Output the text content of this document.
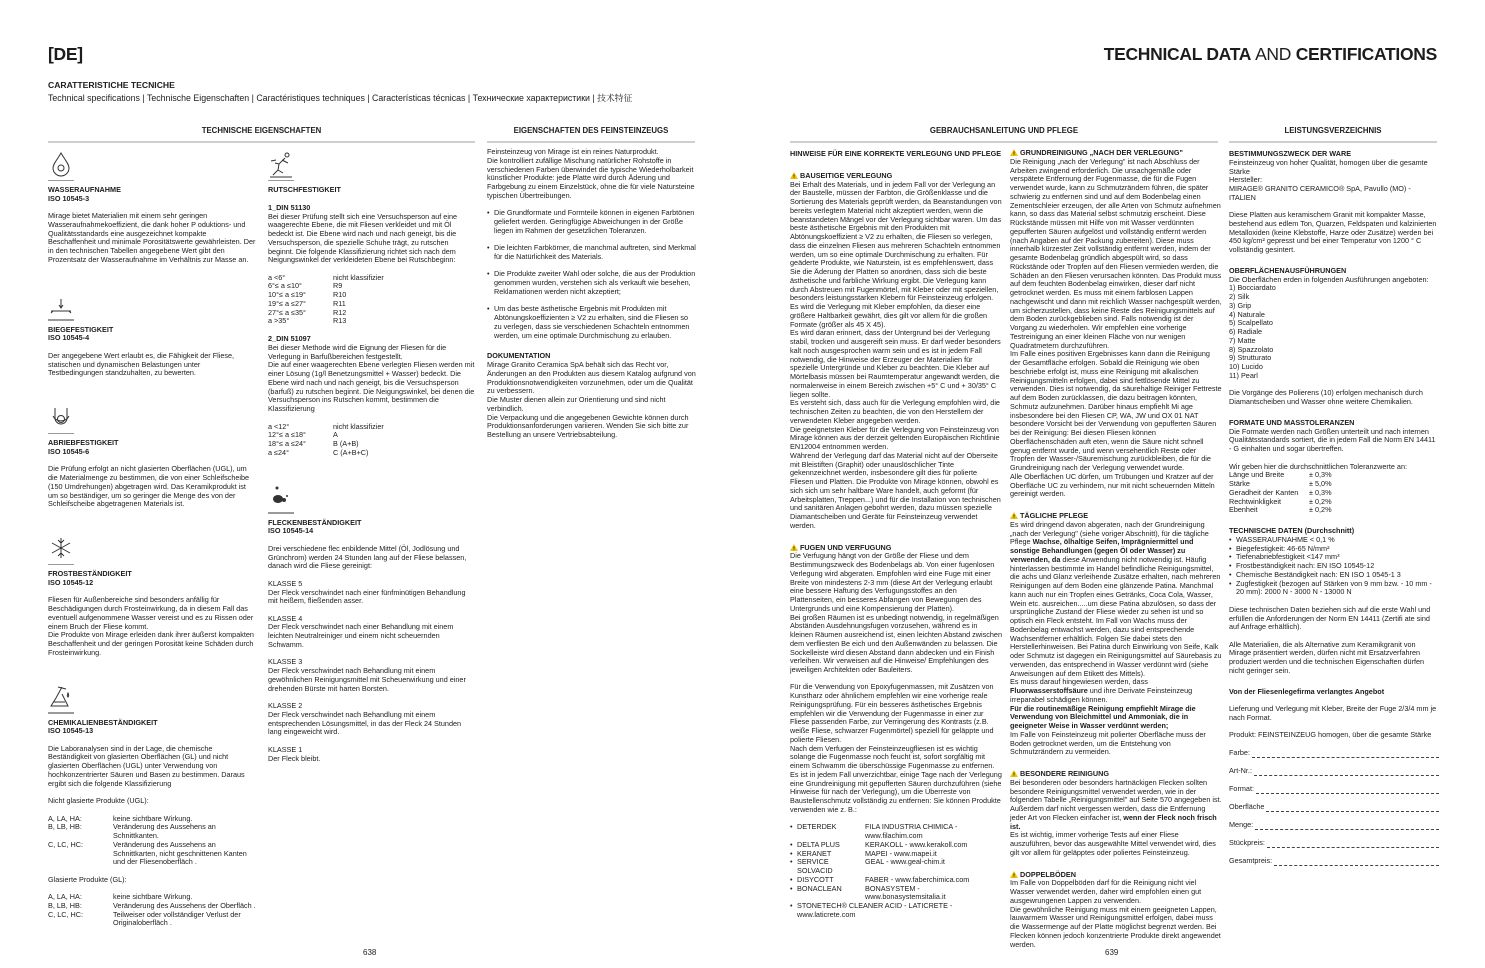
[DE]
CARATTERISTICHE TECNICHE
Technical specifications | Technische Eigenschaften | Caractéristiques techniques | Características técnicas | Технические характеристики | 技术特征
TECHNISCHE EIGENSCHAFTEN	EIGENSCHAFTEN DES FEINSTEINZEUGS
WASSERAUFNAHME
ISO 10545-3
Mirage bietet Materialien mit einem sehr geringen Wasseraufnahmekoeffizient, die dank hoher P oduktions- und Qualitätsstandards eine ausgezeichnet kompakte Beschaffenheit und minimale Porositätswerte gewährleisten. Der in den technischen Tabellen angegebene Wert gibt den Prozentsatz der Wasseraufnahme im Verhältnis zur Masse an.
BIEGEFESTIGKEIT
ISO 10545-4
Der angegebene Wert erlaubt es, die Fähigkeit der Fliese, statischen und dynamischen Belastungen unter Testbedingungen standzuhalten, zu bewerten.
ABRIEBFESTIGKEIT
ISO 10545-6
Die Prüfung erfolgt an nicht glasierten Oberflächen (UGL), um die Materialmenge zu bestimmen, die von einer Schleifscheibe (150 Umdrehungen) abgetragen wird. Das Keramikprodukt ist um so beständiger, um so geringer die Menge des von der Schleifscheibe abgetragenen Materials ist.
FROSTBESTÄNDIGKEIT
ISO 10545-12
Fliesen für Außenbereiche sind besonders anfällig für Beschädigungen durch Frosteinwirkung, da in diesem Fall das eventuell aufgenommene Wasser vereist und es zu Rissen oder einem Bruch der Fliese kommt.
Die Produkte von Mirage erleiden dank ihrer äußerst kompakten Beschaffenheit und der geringen Porosität keine Schäden durch Frosteinwirkung.
CHEMIKALIENBESTÄNDIGKEIT
ISO 10545-13
Die Laboranalysen sind in der Lage, die chemische Beständigkeit von glasierten Oberflächen (GL) und nicht glasierten Oberflächen (UGL) unter Verwendung von hochkonzentrierter Säuren und Basen zu bestimmen. Daraus ergibt sich die folgende Klassifizierung
Nicht glasierte Produkte (UGL):
A, LA, HA:	keine sichtbare Wirkung.
B, LB, HB:	Veränderung des Aussehens an Schnittkanten.
C, LC, HC:	Veränderung des Aussehens an Schnittkarten, nicht geschnittenen Kanten und der Fliesenoberfläch .
Glasierte Produkte (GL):
A, LA, HA:	keine sichtbare Wirkung.
B, LB, HB:	Veränderung des Aussehens der Oberfläch .
C, LC, HC:	Teilweiser oder vollständiger Verlust der Originaloberfläch .
RUTSCHFESTIGKEIT
1_DIN 51130
Bei dieser Prüfung stellt sich eine Versuchsperson auf eine waagerechte Ebene, die mit Fliesen verkleidet und mit Öl bedeckt ist. Die Ebene wird nach und nach geneigt, bis die Versuchsperson, die spezielle Schuhe trägt, zu rutschen beginnt. Die folgende Klassifizierung richtet sich nach dem Neigungswinkel der verkleideten Ebene bei Rutschbeginn:
a <6°	nicht klassifizier
6°≤ a ≤10°	R9
10°≤ a ≤19°	R10
19°≤ a ≤27°	R11
27°≤ a ≤35°	R12
a >35°	R13
2_DIN 51097
Bei dieser Methode wird die Eignung der Fliesen für die Verlegung in Barfußbereichen festgestellt.
Die auf einer waagerechten Ebene verlegten Fliesen werden mit einer Lösung (1g/l Benetzungsmittel + Wasser) bedeckt. Die Ebene wird nach und nach geneigt, bis die Versuchsperson (barfuß) zu rutschen beginnt. Die Neigungswinkel, bei denen die Versuchsperson ins Rutschen kommt, bestimmen die Klassifizierung
a <12°	nicht klassifizier
12°≤ a ≤18°	A
18°≤ a ≤24°	B (A+B)
a ≤24°	C (A+B+C)
FLECKENBESTÄNDIGKEIT
ISO 10545-14
Drei verschiedene flec enbildende Mittel (Öl, Jodlösung und Grünchrom) werden 24 Stunden lang auf der Fliese belassen, danach wird die Fliese gereinigt:
KLASSE 5
Der Fleck verschwindet nach einer fünfminütigen Behandlung mit heißem, fließenden asser.
KLASSE 4
Der Fleck verschwindet nach einer Behandlung mit einem leichten Neutralreiniger und einem nicht scheuernden Schwamm.
KLASSE 3
Der Fleck verschwindet nach Behandlung mit einem gewöhnlichen Reinigungsmittel mit Scheuerwirkung und einer drehenden Bürste mit harten Borsten.
KLASSE 2
Der Fleck verschwindet nach Behandlung mit einem entsprechenden Lösungsmittel, in das der Fleck 24 Stunden lang eingeweicht wird.
KLASSE 1
Der Fleck bleibt.
Feinsteinzeug von Mirage ist ein reines Naturprodukt.
Die kontrolliert zufällige Mischung natürlicher Rohstoffe in verschiedenen Farben überwindet die typische Wiederholbarkeit künstlicher Produkte: jede Platte wird durch Äderung und Farbgebung zu einem Einzelstück, ohne die für viele Natursteine typischen Übertreibungen.
• Die Grundformate und Formteile können in eigenen Farbtönen geliefert werden. Geringfügige Abweichungen in der Größe liegen im Rahmen der gesetzlichen Toleranzen.
• Die leichten Farbkörner, die manchmal auftreten, sind Merkmal für die Natürlichkeit des Materials.
• Die Produkte zweiter Wahl oder solche, die aus der Produktion genommen wurden, verstehen sich als verkauft wie besehen, Reklamationen werden nicht akzeptiert;
• Um das beste ästhetische Ergebnis mit Produkten mit Abtönungskoeffizienten ≥ V2 zu erhalten, sind die Fliesen so zu verlegen, dass sie verschiedenen Schachteln entnommen werden, um eine optimale Durchmischung zu erlauben.
DOKUMENTATION
Mirage Granito Ceramica SpA behält sich das Recht vor, Änderungen an den Produkten aus diesem Katalog aufgrund von Produktionsnotwendigkeiten vorzunehmen, oder um die Qualität zu verbessern.
Die Muster dienen allein zur Orientierung und sind nicht verbindlich.
Die Verpackung und die angegebenen Gewichte können durch Produktionsanforderungen variieren. Wenden Sie sich bitte zur Bestellung an unsere Vertriebsabteilung.
638
TECHNICAL DATA AND CERTIFICATIONS
GEBRAUCHSANLEITUNG UND PFLEGE	LEISTUNGSVERZEICHNIS
HINWEISE FÜR EINE KORREKTE VERLEGUNG UND PFLEGE
BAUSEITIGE VERLEGUNG
Bei Erhalt des Materials, und in jedem Fall vor der Verlegung an der Baustelle, müssen der Farbton, die Größenklasse und die Sortierung des Materials geprüft werden, da Beanstandungen von bereits verlegtem Material nicht akzeptiert werden, wenn die beanstandeten Mängel vor der Verlegung sichtbar waren. Um das beste ästhetische Ergebnis mit den Produkten mit Abtönungskoeffizient ≥ V2 zu erhalten, die Fliesen so verlegen, dass die einzelnen Fliesen aus mehreren Schachteln entnommen werden, um so eine optimale Durchmischung zu erhalten. Für geäderte Produkte, wie Naturstein, ist es empfehlenswert, dass Sie die Äderung der Platten so anordnen, dass sich die beste ästhetische und farbliche Wirkung ergibt. Die Verlegung kann durch Abstreuen mit Fugenmörtel, mit Kleber oder mit speziellen, besonders leistungsstarken Klebern für Feinsteinzeug erfolgen. Es wird die Verlegung mit Kleber empfohlen, da dieser eine größere Haltbarkeit gewährt, dies gilt vor allem für die großen Formate (größer als 45 X 45).
Es wird daran erinnert, dass der Untergrund bei der Verlegung stabil, trocken und ausgereift sein muss. Er darf weder besonders kalt noch ausgesprochen warm sein und es ist in jedem Fall notwendig, die Hinweise der Erzeuger der Materialien für spezielle Untergründe und Kleber zu beachten. Die Kleber auf Mörtelbasis müssen bei Raumtemperatur angewandt werden, die normalerweise in einem Bereich zwischen +5° C und + 30/35° C liegen sollte.
Es versteht sich, dass auch für die Verlegung empfohlen wird, die technischen Zeiten zu beachten, die von den Herstellern der verwendeten Kleber angegeben werden.
Die geeignetsten Kleber für die Verlegung von Feinsteinzeug von Mirage können aus der derzeit geltenden Europäischen Richtlinie EN12004 entnommen werden.
Während der Verlegung darf das Material nicht auf der Oberseite mit Bleistiften (Graphit) oder unauslöschlicher Tinte gekennzeichnet werden, insbesondere gilt dies für polierte Fliesen und Platten. Die Produkte von Mirage können, obwohl es sich sich um sehr haltbare Ware handelt, auch geformt (für Arbeitsplatten, Treppen...) und für die Installation von technischen und sanitären Anlagen gebohrt werden, dazu müssen spezielle Diamantscheiben und Geräte für Feinsteinzeug verwendet werden.
FUGEN UND VERFUGUNG
Die Verfugung hängt von der Größe der Fliese und dem Bestimmungszweck des Bodenbelags ab. Von einer fugenlosen Verlegung wird abgeraten. Empfohlen wird eine Fuge mit einer Breite von mindestens 2-3 mm (diese Art der Verlegung erlaubt eine bessere Haftung des Verfugungsstoffes an den Plattenseiten, ein besseres Abfangen von Bewegungen des Untergrunds und eine Kompensierung der Platten).
Bei großen Räumen ist es unbedingt notwendig, in regelmäßigen Abständen Ausdehnungsfugen vorzusehen, während es in kleinen Räumen ausreichend ist, einen leichten Abstand zwischen dem verfliesten Be eich und den Außenwänden zu belassen. Die Sockelleiste wird diesen Abstand dann abdecken und ein Finish verleihen. Wir verweisen auf die Hinweise/ Empfehlungen des jeweiligen Architekten oder Bauleiters.
Für die Verwendung von Epoxyfugenmassen, mit Zusätzen von Kunstharz oder ähnlichem empfehlen wir eine vorherige reale Reinigungsprüfung. Für ein besseres ästhetisches Ergebnis empfehlen wir die Verwendung der Fugenmasse in einer zur Fliese passenden Farbe, zur Verringerung des Kontrasts (z.B. weiße Fliese, schwarzer Fugenmörtel) speziell für geläppte und polierte Fliesen.
Nach dem Verfugen der Feinsteinzeugfliesen ist es wichtig solange die Fugenmasse noch feucht ist, sofort sorgfältig mit einem Schwamm die überschüssige Fugenmasse zu entfernen. Es ist in jedem Fall unverzichtbar, einige Tage nach der Verlegung eine Grundreinigung mit gepufferten Säuren durchzuführen (siehe Hinweise für nach der Verlegung), um die Überreste von Baustellenschmutz vollständig zu entfernen: Sie können Produkte verwenden wie z. B.:
•	DETERDEK	FILA INDUSTRIA CHIMICA - www.filachim.com
•	DELTA PLUS	KERAKOLL - www.kerakoll.com
•	KERANET	MAPEI - www.mapei.it
•	SERVICE SOLVACID	GEAL - www.geal-chim.it
•	DISYCOTT	FABER - www.faberchimica.com
•	BONACLEAN	BONASYSTEM - www.bonasystemsitalia.it
•	STONETECH® CLEANER ACID - LATICRETE - www.laticrete.com	
GRUNDREINIGUNG „NACH DER VERLEGUNG"
Die Reinigung „nach der Verlegung" ist nach Abschluss der Arbeiten zwingend erforderlich. Die unsachgemäße oder verspätete Entfernung der Fugenmasse, die für die Fugen verwendet wurde, kann zu Schmutzrändern führen, die später schwierig zu entfernen sind und auf dem Bodenbelag einen Zementschleier erzeugen, der alle Arten von Schmutz aufnehmen kann, so dass das Material selbst schmutzig erscheint. Diese Rückstände müssen mit Hilfe von mit Wasser verdünnten gepufferten Säuren aufgelöst und vollständig entfernt werden (nach Angaben auf der Packung zubereiten). Diese muss innerhalb kürzester Zeit vollständig entfernt werden, indem der gesamte Bodenbelag gründlich abgespült wird, so dass Rückstände oder Tropfen auf den Fliesen vermieden werden, die Schäden an den Fliesen verursachen könnten. Das Produkt muss auf dem feuchten Bodenbelag einwirken, dieser darf nicht getrocknet werden. Es muss mit einem farblosen Lappen nachgewischt und dann mit reichlich Wasser nachgespült werden, um sicherzustellen, dass keine Reste des Reinigungsmittels auf dem Boden zurückgeblieben sind. Falls notwendig ist der Vorgang zu wiederholen. Wir empfehlen eine vorherige Testreinigung an einer kleinen Fläche von nur wenigen Quadratmetern durchzuführen.
Im Falle eines positiven Ergebnisses kann dann die Reinigung der Gesamtfläche erfolgen. Sobald die Reinigung wie oben beschriebe erfolgt ist, muss eine Reinigung mit alkalischen Reinigungsmitteln erfolgen, dabei sind fettlösende Mittel zu verwenden. Dies ist notwendig, da säurehaltige Reiniger Fettreste auf dem Boden zurücklassen, die dazu beitragen könnten, Schmutz aufzunehmen. Darüber hinaus empfiehlt Mi age insbesondere bei den Fliesen CP, WA, JW und OX 01 NAT besondere Vorsicht bei der Verwendung von gepufferten Säuren bei der Reinigung: Bei diesen Fliesen können Oberflächenschäden auft eten, wenn die Säure nicht schnell genug entfernt wurde, und wenn versehentlich Reste oder Tropfen der Wasser-/Säuremischung zurückbleiben, die für die Grundreinigung nach der Verlegung verwendet wurde.
Alle Oberflächen UC dürfen, um Trübungen und Kratzer auf der Oberfläche UC zu verhindern, nur mit nicht scheuernden Mitteln gereinigt werden.
TÄGLICHE PFLEGE
Es wird dringend davon abgeraten, nach der Grundreinigung „nach der Verlegung" (siehe voriger Abschnitt), für die tägliche Pflege Wachse, ölhaltige Seifen, Imprägniermittel und sonstige Behandlungen (gegen Öl oder Wasser) zu verwenden, da diese Anwendung nicht notwendig ist. Häufig hinterlassen bestimmte im Handel befindliche Reinigungsmittel, die achs und Glanz verleihende Zusätze erhalten, nach mehreren Reinigungen auf dem Boden eine glänzende Patina. Manchmal kann auch nur ein Tropfen eines Getränks, Coca Cola, Wasser, Wein etc. ausreichen.....um diese Patina abzulösen, so dass der ursprüngliche Zustand der Fliese wieder zu sehen ist und so optisch ein Fleck entsteht. Im Fall von Wachs muss der Bodenbelag entwachst werden, dazu sind entsprechende Wachsentferner erhältlich. Folgen Sie dabei stets den Herstellerhinweisen. Bei Patina durch Einwirkung von Seife, Kalk oder Schmutz ist dagegen ein Reinigungsmittel auf Säurebasis zu verwenden, das entsprechend in Wasser verdünnt wird (siehe Anweisungen auf dem Etikett des Mittels).
Es muss darauf hingewiesen werden, dass Fluorwasserstoffsäure und ihre Derivate Feinsteinzeug irreparabel schädigen können.
Für die routinemäßige Reinigung empfiehlt Mirage die Verwendung von Bleichmittel und Ammoniak, die in geeigneter Weise in Wasser verdünnt werden;
Im Falle von Feinsteinzeug mit polierter Oberfläche muss der Boden getrocknet werden, um die Entstehung von Schmutzrändern zu vermeiden.
BESONDERE REINIGUNG
Bei besonderen oder besonders hartnäckigen Flecken sollten besondere Reinigungsmittel verwendet werden, wie in der folgenden Tabelle „Reinigungsmittel" auf Seite 570 angegeben ist. Außerdem darf nicht vergessen werden, dass die Entfernung jeder Art von Flecken einfacher ist, wenn der Fleck noch frisch ist.
Es ist wichtig, immer vorherige Tests auf einer Fliese auszuführen, bevor das ausgewählte Mittel verwendet wird, dies gilt vor allem für geläpptes oder poliertes Feinsteinzeug.
DOPPELBÖDEN
Im Falle von Doppelböden darf für die Reinigung nicht viel Wasser verwendet werden, daher wird empfohlen einen gut ausgewrungenen Lappen zu verwenden.
Die gewöhnliche Reinigung muss mit einem geeigneten Lappen, lauwarmem Wasser und Reinigungsmittel erfolgen, dabei muss die Wassermenge auf der Platte möglichst begrenzt werden. Bei Flecken können jedoch konzentrierte Produkte direkt angewendet werden.
BESTIMMUNGSZWECK DER WARE
Feinsteinzeug von hoher Qualität, homogen über die gesamte Stärke
Hersteller:
MIRAGE® GRANITO CERAMICO® SpA, Pavullo (MO) - ITALIEN
Diese Platten aus keramischem Granit mit kompakter Masse, bestehend aus edlem Ton, Quarzen, Feldspaten und kalzinierten Metalloxiden (keine Klebstoffe, Harze oder Zusätze) werden bei 450 kg/cm² gepresst und bei einer Temperatur von 1200 ° C vollständig gesintert.
OBERFLÄCHENAUSFÜHRUNGEN
Die Oberflächen erden in folgenden Ausführungen angeboten:
1) Bocciardato
2) Silk
3) Grip
4) Naturale
5) Scalpellato
6) Radiale
7) Matte
8) Spazzolato
9) Strutturato
10) Lucido
11) Pearl
Die Vorgänge des Polierens (10) erfolgen mechanisch durch Diamantscheiben und Wasser ohne weitere Chemikalien.
FORMATE UND MASSTOLERANZEN
Die Formate werden nach Größen unterteilt und nach internen Qualitätsstandards sortiert, die in jedem Fall die Norm EN 14411 - G einhalten und sogar übertreffen.
Wir geben hier die durchschnittlichen Toleranzwerte an:
Länge und Breite	± 0,3%
Stärke	± 5,0%
Geradheit der Kanten	± 0,3%
Rechtwinkligkeit	± 0,2%
Ebenheit	± 0,2%
TECHNISCHE DATEN (Durchschnitt)
• WASSERAUFNAHME < 0,1 %
• Biegefestigkeit: 46-65 N/mm²
• Tiefenabriebfestigkeit <147 mm³
• Frostbeständigkeit nach: EN ISO 10545-12
• Chemische Beständigkeit nach: EN ISO 1 0545-1 3
• Zugfestigkeit (bezogen auf Stärken von 9 mm bzw. - 10 mm - 20 mm): 2000 N - 3000 N - 13000 N
Diese technischen Daten beziehen sich auf die erste Wahl und erfüllen die Anforderungen der Norm EN 14411 (Zertifi ate sind auf Anfrage erhältlich).
Alle Materialien, die als Alternative zum Keramikgranit von Mirage präsentiert werden, dürfen nicht mit Ersatzverfahren produziert werden und die technischen Eigenschaften dürfen nicht geringer sein.
Von der Fliesenlegefirma verlangtes Angebot
Lieferung und Verlegung mit Kleber, Breite der Fuge 2/3/4 mm je nach Format.
Produkt: FEINSTEINZEUG homogen, über die gesamte Stärke
Farbe:
Art-Nr.:
Format:
Oberfläche
Menge:
Stückpreis:
Gesamtpreis:
639
